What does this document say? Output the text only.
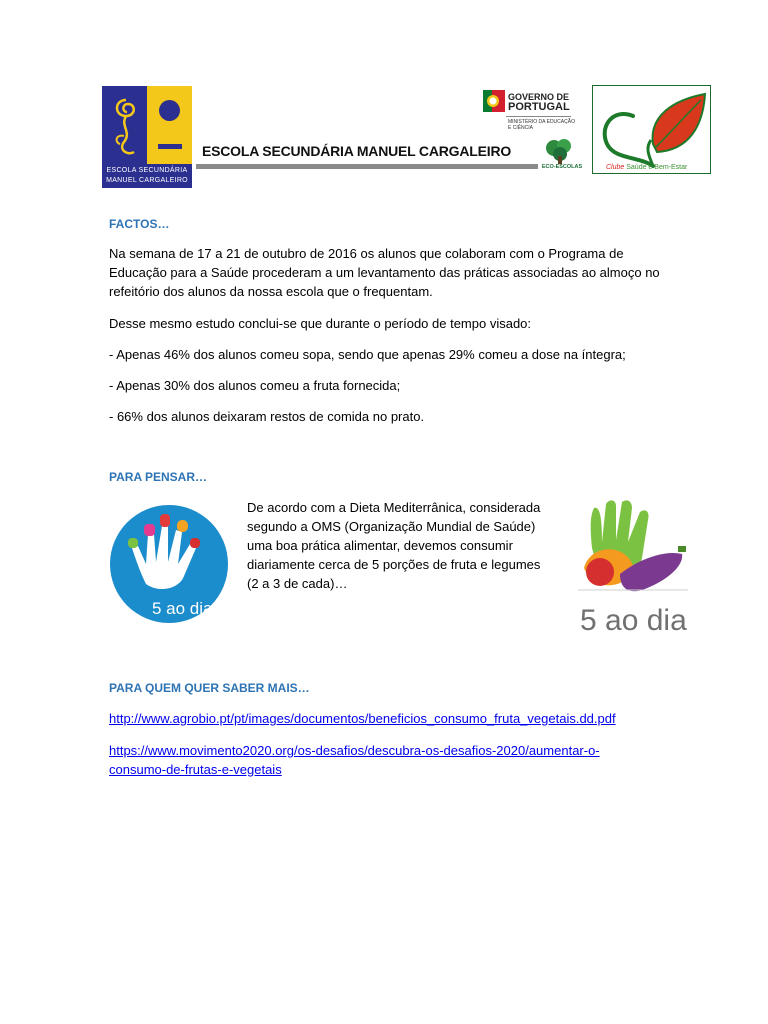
ESCOLA SECUNDÁRIA
MANUEL CARGALEIRO
ESCOLA SECUNDÁRIA MANUEL CARGALEIRO
GOVERNO DE
PORTUGAL
MINISTÉRIO DA EDUCAÇÃO E CIÊNCIA
ECO-ESCOLAS	Clube Saúde e Bem-Estar
FACTOS…
Na semana de 17 a 21 de outubro de 2016 os alunos que colaboram com o Programa de Educação para a Saúde procederam a um levantamento das práticas associadas ao almoço no refeitório dos alunos da nossa escola que o frequentam.
Desse mesmo estudo conclui-se que durante o período de tempo visado:
- Apenas 46% dos alunos comeu sopa, sendo que apenas 29% comeu a dose na íntegra;
- Apenas 30% dos alunos comeu a fruta fornecida;
- 66% dos alunos deixaram restos de comida no prato.
PARA PENSAR…
5 ao dia
De acordo com a Dieta Mediterrânica, considerada segundo a OMS (Organização Mundial de Saúde) uma boa prática alimentar, devemos consumir diariamente cerca de 5 porções de fruta e legumes (2 a 3 de cada)…
5 ao dia
PARA QUEM QUER SABER MAIS…
http://www.agrobio.pt/pt/images/documentos/beneficios_consumo_fruta_vegetais.dd.pdf
https://www.movimento2020.org/os-desafios/descubra-os-desafios-2020/aumentar-o-consumo-de-frutas-e-vegetais
